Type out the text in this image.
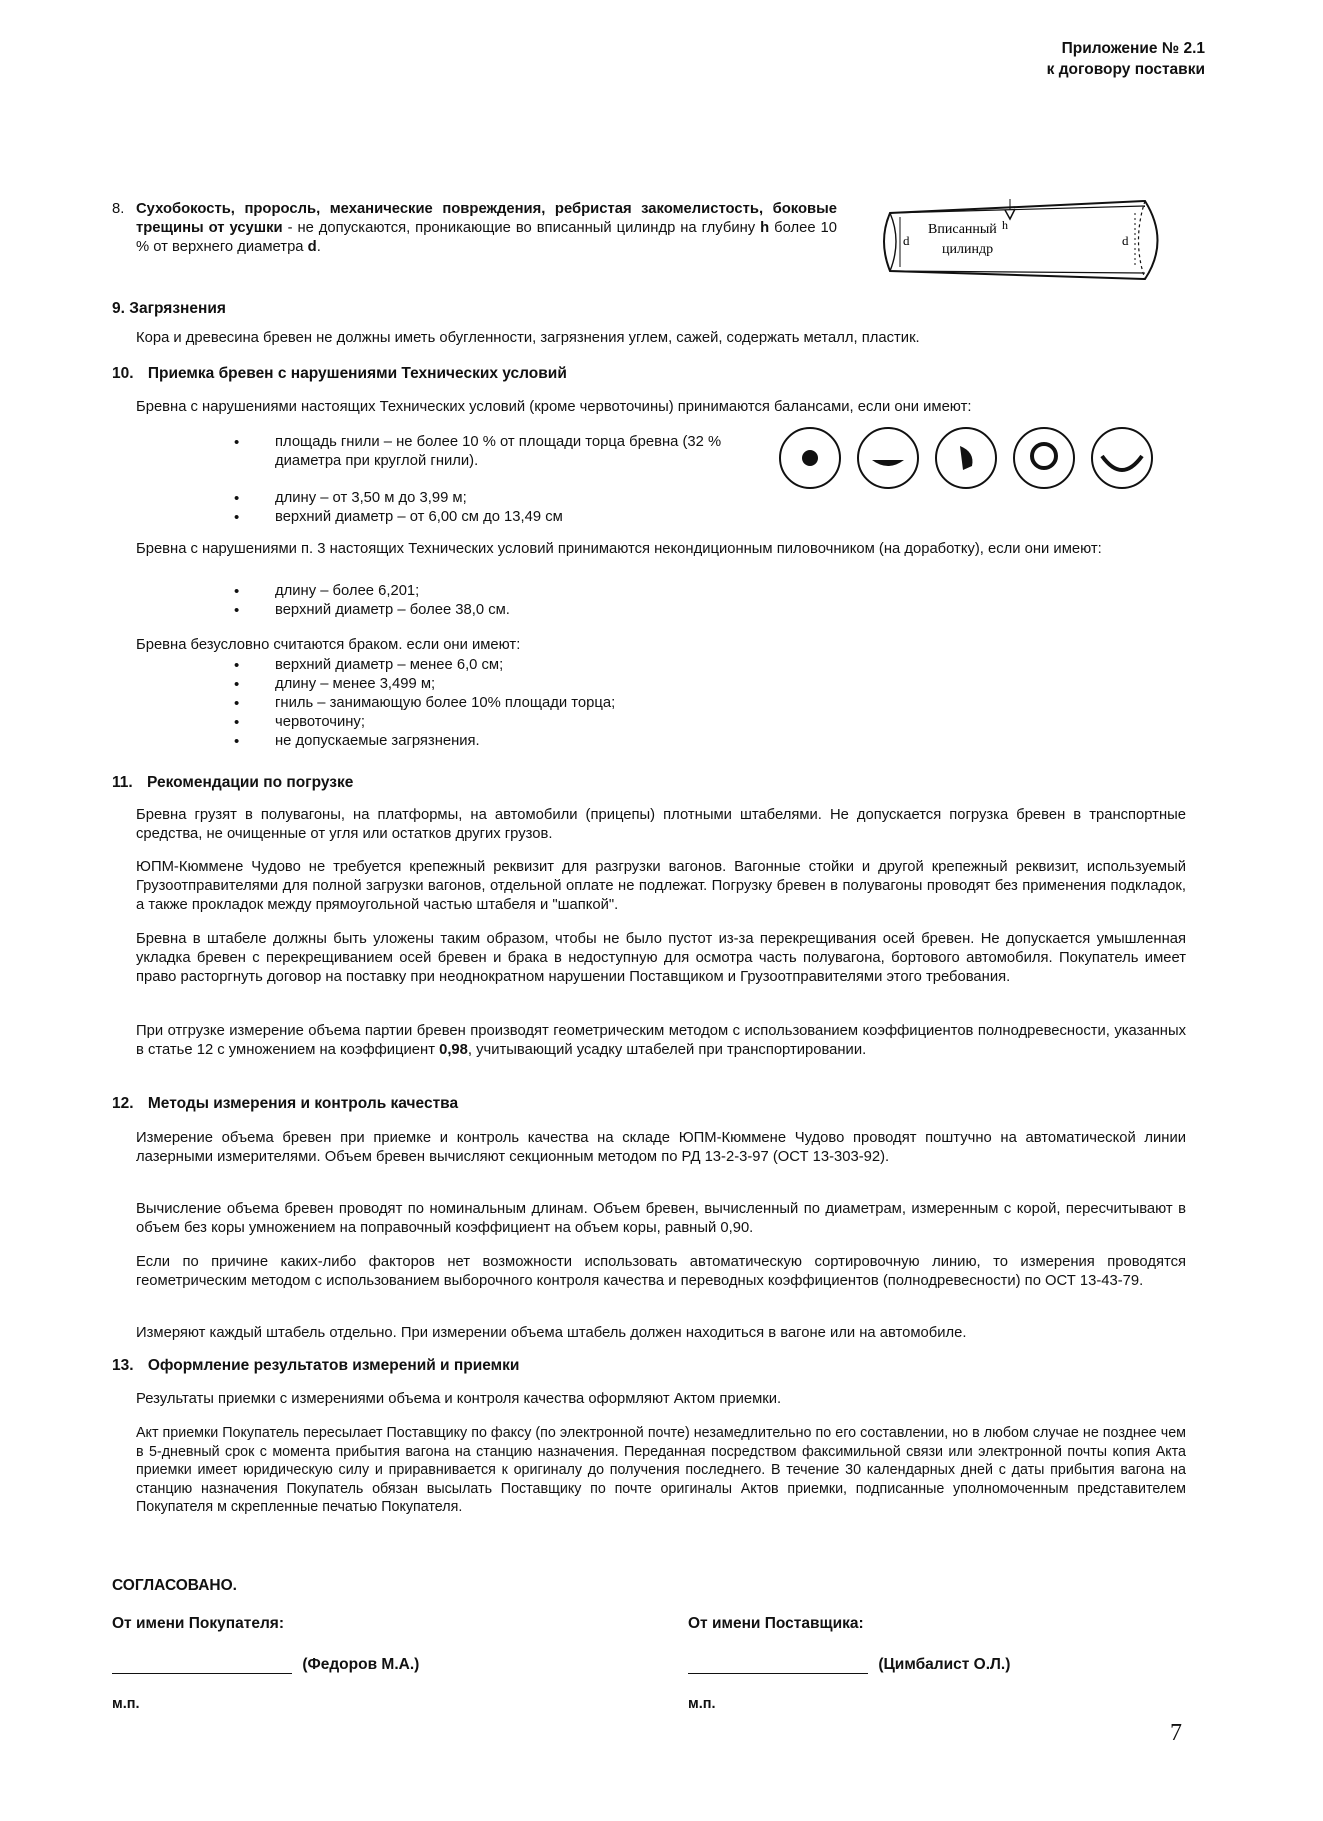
Приложение № 2.1
к договору поставки
8. Сухобокость, проросль, механические повреждения, ребристая закомелистость, боковые трещины от усушки - не допускаются, проникающие во вписанный цилиндр на глубину h более 10 % от верхнего диаметра d.	d
Вписанный
цилиндр
h
d
9. Загрязнения
Кора и древесина бревен не должны иметь обугленности, загрязнения углем, сажей, содержать металл, пластик.
10. Приемка бревен с нарушениями Технических условий
Бревна с нарушениями настоящих Технических условий (кроме червоточины) принимаются балансами, если они имеют:
• площадь гнили – не более 10 % от площади торца бревна (32 % диаметра при круглой гнили).
• длину – от 3,50 м до 3,99 м;
• верхний диаметр – от 6,00 см до 13,49 см
Бревна с нарушениями п. 3 настоящих Технических условий принимаются некондиционным пиловочником (на доработку), если они имеют:
• длину – более 6,201;
• верхний диаметр – более 38,0 см.
Бревна безусловно считаются браком. если они имеют:
• верхний диаметр – менее 6,0 см;
• длину – менее 3,499 м;
• гниль – занимающую более 10% площади торца;
• червоточину;
• не допускаемые загрязнения.
11. Рекомендации по погрузке
Бревна грузят в полувагоны, на платформы, на автомобили (прицепы) плотными штабелями. Не допускается погрузка бревен в транспортные средства, не очищенные от угля или остатков других грузов.
ЮПМ-Кюммене Чудово не требуется крепежный реквизит для разгрузки вагонов. Вагонные стойки и другой крепежный реквизит, используемый Грузоотправителями для полной загрузки вагонов, отдельной оплате не подлежат. Погрузку бревен в полувагоны проводят без применения подкладок, а также прокладок между прямоугольной частью штабеля и "шапкой".
Бревна в штабеле должны быть уложены таким образом, чтобы не было пустот из-за перекрещивания осей бревен. Не допускается умышленная укладка бревен с перекрещиванием осей бревен и брака в недоступную для осмотра часть полувагона, бортового автомобиля. Покупатель имеет право расторгнуть договор на поставку при неоднократном нарушении Поставщиком и Грузоотправителями этого требования.
При отгрузке измерение объема партии бревен производят геометрическим методом с использованием коэффициентов полнодревесности, указанных в статье 12 с умножением на коэффициент 0,98, учитывающий усадку штабелей при транспортировании.
12. Методы измерения и контроль качества
Измерение объема бревен при приемке и контроль качества на складе ЮПМ-Кюммене Чудово проводят поштучно на автоматической линии лазерными измерителями. Объем бревен вычисляют секционным методом по РД 13-2-3-97 (ОСТ 13-303-92).
Вычисление объема бревен проводят по номинальным длинам. Объем бревен, вычисленный по диаметрам, измеренным с корой, пересчитывают в объем без коры умножением на поправочный коэффициент на объем коры, равный 0,90.
Если по причине каких-либо факторов нет возможности использовать автоматическую сортировочную линию, то измерения проводятся геометрическим методом с использованием выборочного контроля качества и переводных коэффициентов (полнодревесности) по ОСТ 13-43-79.
Измеряют каждый штабель отдельно. При измерении объема штабель должен находиться в вагоне или на автомобиле.
13. Оформление результатов измерений и приемки
Результаты приемки с измерениями объема и контроля качества оформляют Актом приемки.
Акт приемки Покупатель пересылает Поставщику по факсу (по электронной почте) незамедлительно по его составлении, но в любом случае не позднее чем в 5-дневный срок с момента прибытия вагона на станцию назначения. Переданная посредством факсимильной связи или электронной почты копия Акта приемки имеет юридическую силу и приравнивается к оригиналу до получения последнего. В течение 30 календарных дней с даты прибытия вагона на станцию назначения Покупатель обязан высылать Поставщику по почте оригиналы Актов приемки, подписанные уполномоченным представителем Покупателя м скрепленные печатью Покупателя.
СОГЛАСОВАНО.
От имени Покупателя:	От имени Поставщика:
(Федоров М.А.)	(Цимбалист О.Л.)
м.п.	м.п.
7
